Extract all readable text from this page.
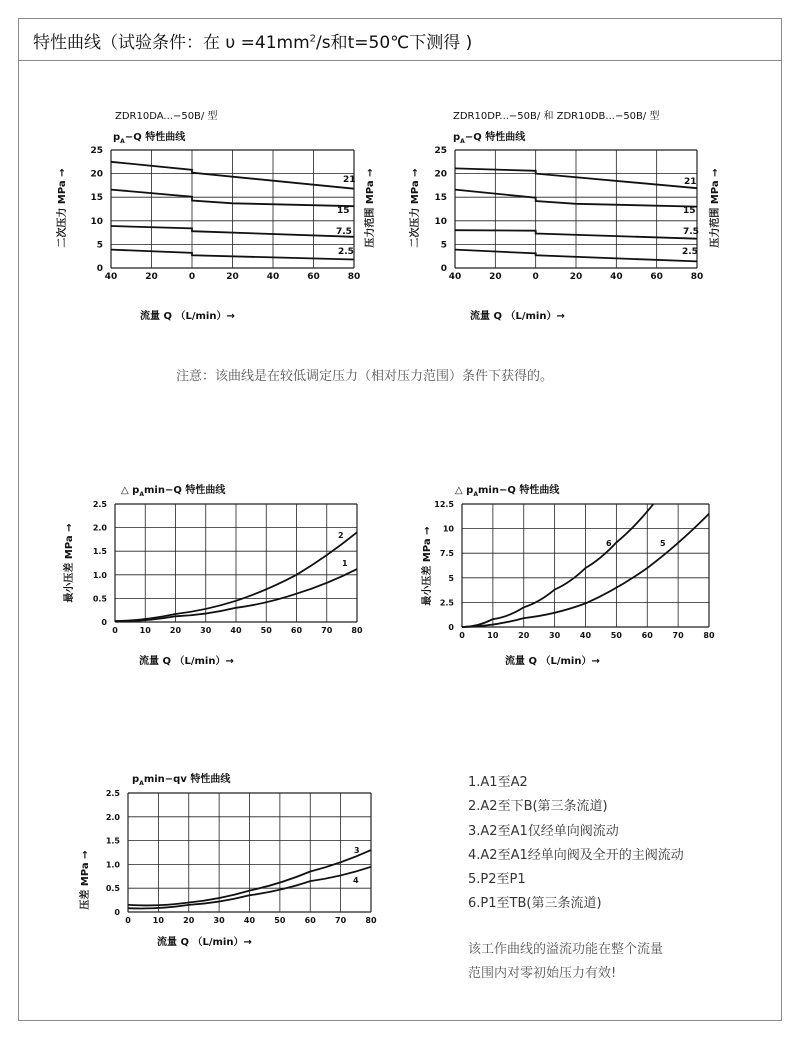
特性曲线（试验条件：在 $\upsilon =41mm^2/s$和t=50℃下测得 )
40	20	0	20	40	60	80
0
5
10
15
20
25
21
15
7.5
2.5
ZDR10DA...−50B/ 型
$p_A-Q$ 特性曲线
二次压力 MPa →	压力范围 MPa →
流量 Q （L/min）→
40	20	0	20	40	60	80
0
5
10
15
20
25
21
15
7.5
2.5
ZDR10DP...−50B/ 和 ZDR10DB...−50B/ 型
$p_A-Q$ 特性曲线
二次压力 MPa →	压力范围 MPa →
流量 Q （L/min）→
0	10 20 30 40 50 60 70 80
0
0.5
1.0
1.5
2.0
2.5
2
1
△ $p_A\min-Q$ 特性曲线
最小压差 MPa →
流量 Q （L/min）→
0	10 20 30 40 50 60 70 80
0
2.5
5
7.5
10
12.5
6	5
△ $p_A\min-Q$ 特性曲线
最小压差 MPa →
流量 Q （L/min）→
0	10 20 30 40 50 60 70 80
0
0.5
1.0
1.5
2.0
2.5
3
4
$p_A\min-qv$ 特性曲线
压差 MPa →
流量 Q （L/min）→
注意：该曲线是在较低调定压力（相对压力范围）条件下获得的。
1.A1至A2
2.A2至下B(第三条流道)
3.A2至A1仅经单向阀流动
4.A2至A1经单向阀及全开的主阀流动
5.P2至P1
6.P1至TB(第三条流道)
该工作曲线的溢流功能在整个流量
范围内对零初始压力有效!
